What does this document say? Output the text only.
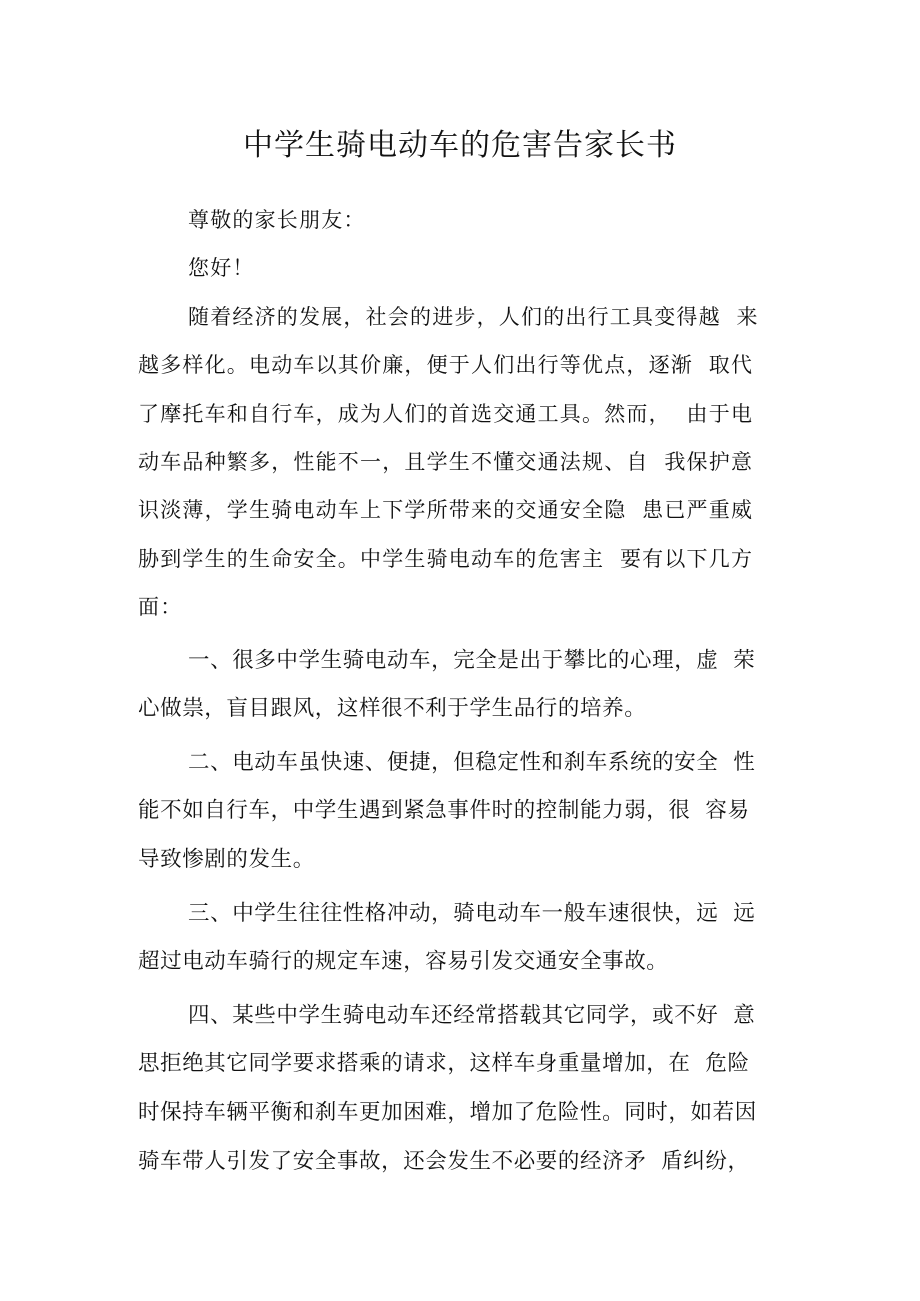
中学生骑电动车的危害告家长书

尊敬的家长朋友：

您好！

随着经济的发展，社会的进步，人们的出行工具变得越  来
越多样化。电动车以其价廉，便于人们出行等优点，逐渐  取代
了摩托车和自行车，成为人们的首选交通工具。然而，  由于电
动车品种繁多，性能不一，且学生不懂交通法规、自  我保护意
识淡薄，学生骑电动车上下学所带来的交通安全隐  患已严重威
胁到学生的生命安全。中学生骑电动车的危害主  要有以下几方
面：

一、很多中学生骑电动车，完全是出于攀比的心理，虚  荣
心做祟，盲目跟风，这样很不利于学生品行的培养。

二、电动车虽快速、便捷，但稳定性和刹车系统的安全  性
能不如自行车，中学生遇到紧急事件时的控制能力弱，很  容易
导致惨剧的发生。

三、中学生往往性格冲动，骑电动车一般车速很快，远  远
超过电动车骑行的规定车速，容易引发交通安全事故。

四、某些中学生骑电动车还经常搭载其它同学，或不好  意
思拒绝其它同学要求搭乘的请求，这样车身重量增加，在  危险
时保持车辆平衡和刹车更加困难，增加了危险性。同时，如若因
骑车带人引发了安全事故，还会发生不必要的经济矛  盾纠纷，
